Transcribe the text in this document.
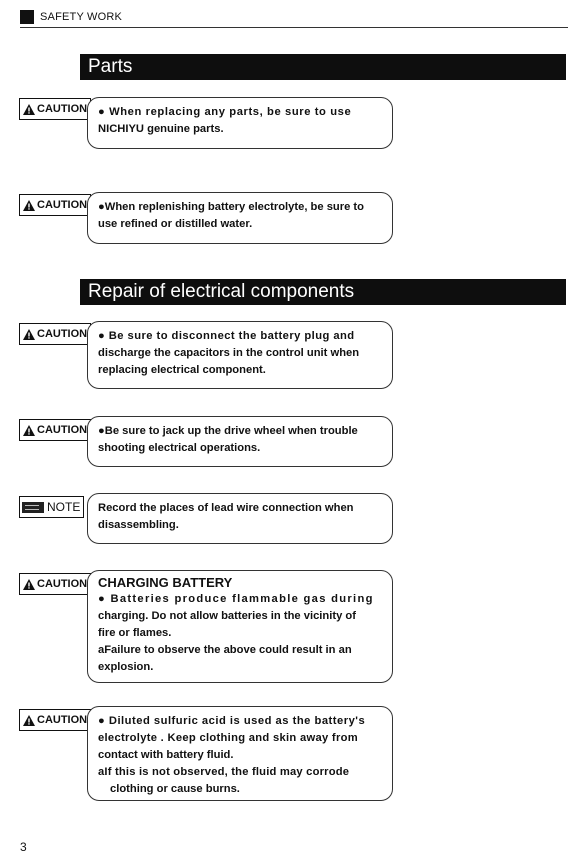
SAFETY WORK
Parts
CAUTION ● When replacing any parts, be sure to use
NICHIYU genuine parts.
CAUTION ●When replenishing battery electrolyte, be sure to
use refined or distilled water.
Repair of electrical components
CAUTION ● Be sure to disconnect the battery plug and
discharge the capacitors in the control unit when
replacing electrical component.
CAUTION ●Be sure to jack up the drive wheel when trouble
shooting electrical operations.
NOTE Record the places of lead wire connection when
disassembling.
CAUTION CHARGING BATTERY
● Batteries produce flammable gas during
charging. Do not allow batteries in the vicinity of
fire or flames.
aFailure to observe the above could result in an
explosion.
CAUTION ● Diluted sulfuric acid is used as the battery's
electrolyte . Keep clothing and skin away from
contact with battery fluid.
aIf this is not observed, the fluid may corrode
clothing or cause burns.
3
